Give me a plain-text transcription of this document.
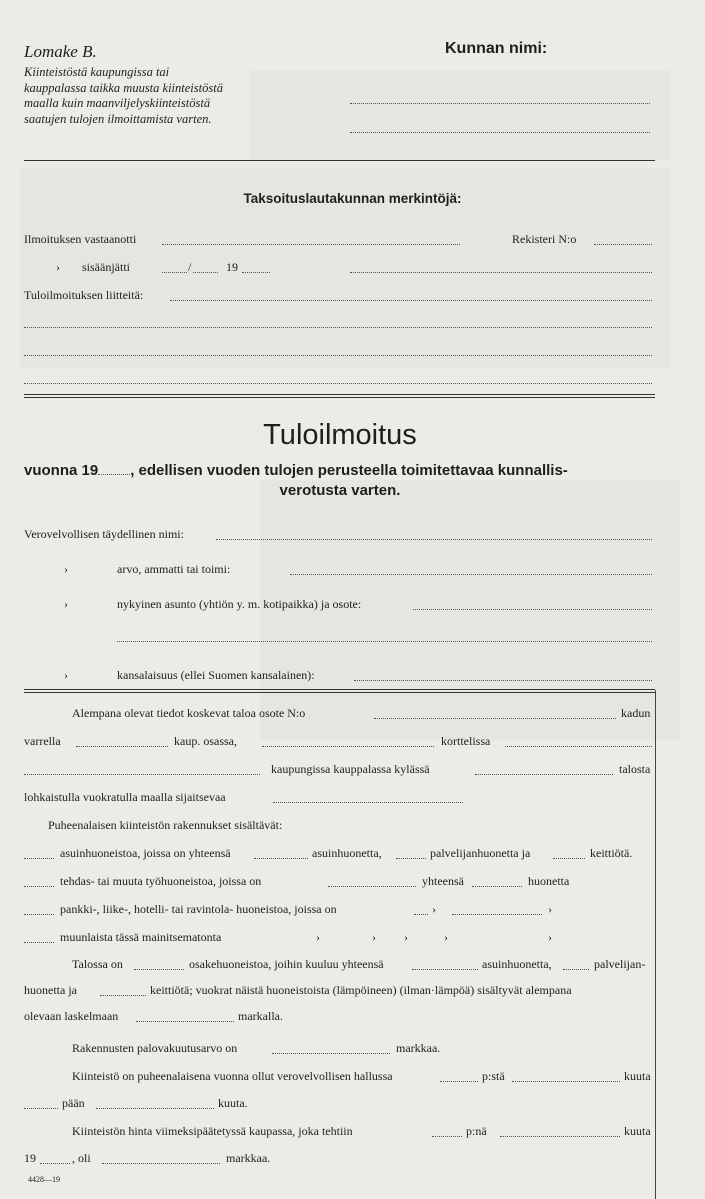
Lomake B.
Kiinteistöstä kaupungissa tai kauppalassa taikka muusta kiinteistöstä maalla kuin maanviljelyskiinteistöstä saatujen tulojen ilmoittamista varten.
Kunnan nimi:
Taksoituslautakunnan merkintöjä:
Ilmoituksen vastaanotti	Rekisteri N:o
› sisäänjätti	/	19
Tuloilmoituksen liitteitä:
Tuloilmoitus
vuonna 19 , edellisen vuoden tulojen perusteella toimitettavaa kunnallis-
verotusta varten.
Verovelvollisen täydellinen nimi:
›	arvo, ammatti tai toimi:
›	nykyinen asunto (yhtiön y. m. kotipaikka) ja osote:
›	kansalaisuus (ellei Suomen kansalainen):
Alempana olevat tiedot koskevat taloa osote N:o	kadun
varrella	kaup. osassa,	korttelissa
kaupungissa kauppalassa kylässä	talosta
lohkaistulla vuokratulla maalla sijaitsevaa
Puheenalaisen kiinteistön rakennukset sisältävät:
asuinhuoneistoa, joissa on yhteensä	asuinhuonetta,	palvelijanhuonetta ja	keittiötä.
tehdas- tai muuta työhuoneistoa, joissa on	yhteensä	huonetta
pankki-, liike-, hotelli- tai ravintola- huoneistoa, joissa on	›	›
muunlaista tässä mainitsematonta	›	› ›	›	›
Talossa on	osakehuoneistoa, joihin kuuluu yhteensä	asuinhuonetta,	palvelijan-
huonetta ja	keittiötä; vuokrat näistä huoneistoista (lämpöineen) (ilman·lämpöä) sisältyvät alempana
olevaan laskelmaan	markalla.
Rakennusten palovakuutusarvo on	markkaa.
Kiinteistö on puheenalaisena vuonna ollut verovelvollisen hallussa	p:stä	kuuta
pään	kuuta.
Kiinteistön hinta viimeksipäätetyssä kaupassa, joka tehtiin	p:nä	kuuta
19	, oli	markkaa.
4428—19
